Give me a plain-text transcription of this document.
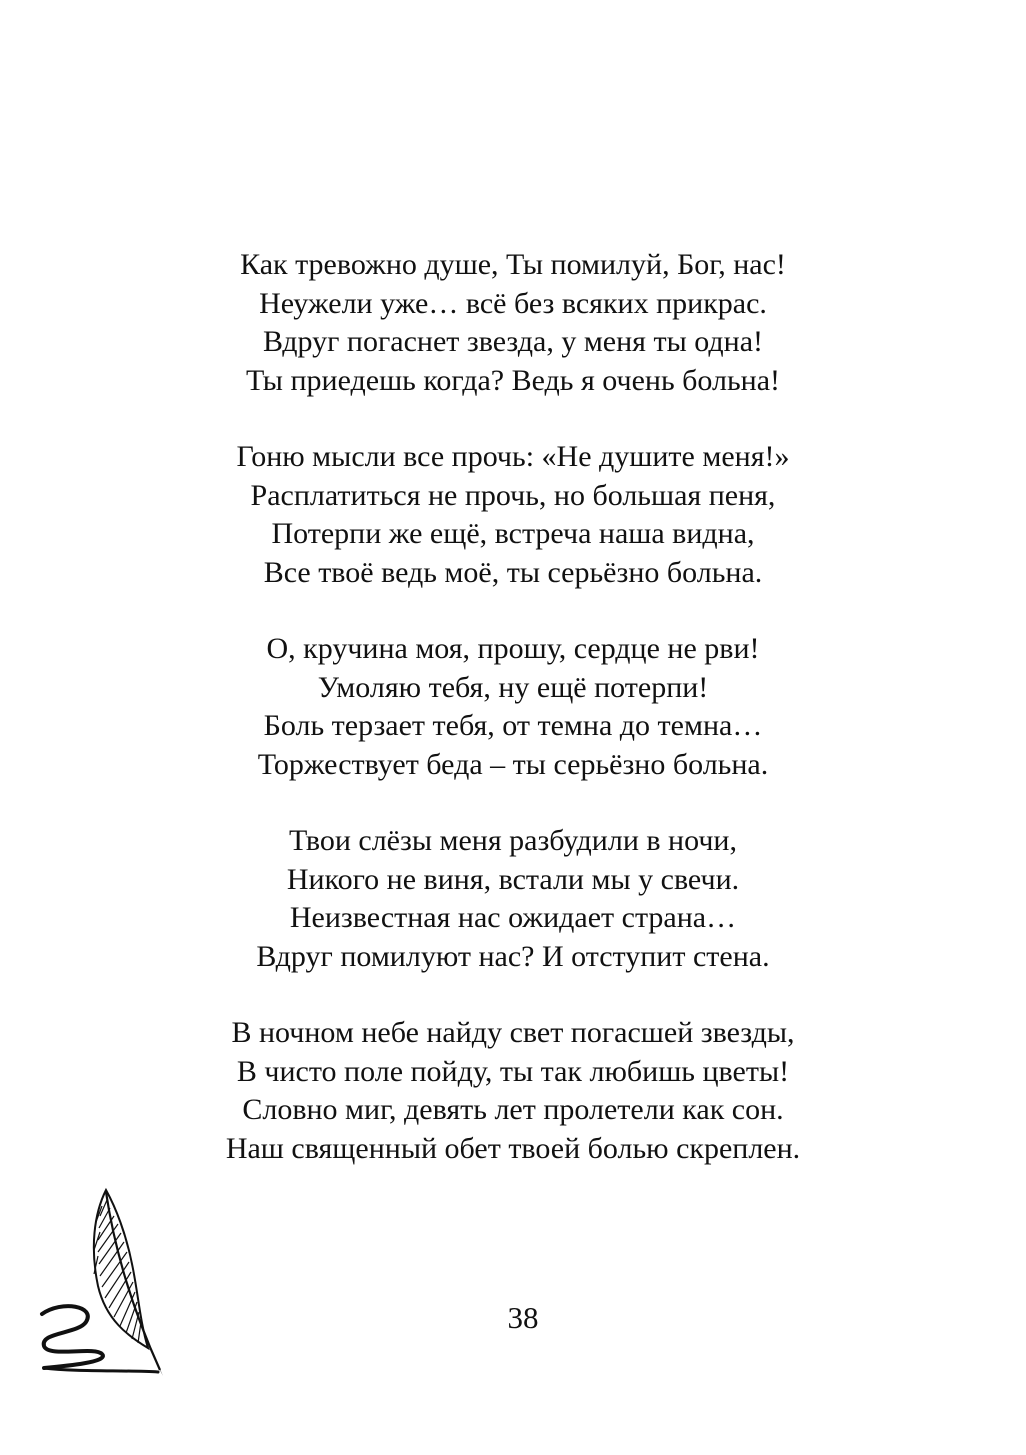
Как тревожно душе, Ты помилуй, Бог, нас!
Неужели уже… всё без всяких прикрас.
Вдруг погаснет звезда, у меня ты одна!
Ты приедешь когда? Ведь я очень больна!
Гоню мысли все прочь: «Не душите меня!»
Расплатиться не прочь, но большая пеня,
Потерпи же ещё, встреча наша видна,
Все твоё ведь моё, ты серьёзно больна.
О, кручина моя, прошу, сердце не рви!
Умоляю тебя, ну ещё потерпи!
Боль терзает тебя, от темна до темна…
Торжествует беда – ты серьёзно больна.
Твои слёзы меня разбудили в ночи,
Никого не виня, встали мы у свечи.
Неизвестная нас ожидает страна…
Вдруг помилуют нас? И отступит стена.
В ночном небе найду свет погасшей звезды,
В чисто поле пойду, ты так любишь цветы!
Словно миг, девять лет пролетели как сон.
Наш священный обет твоей болью скреплен.
38
